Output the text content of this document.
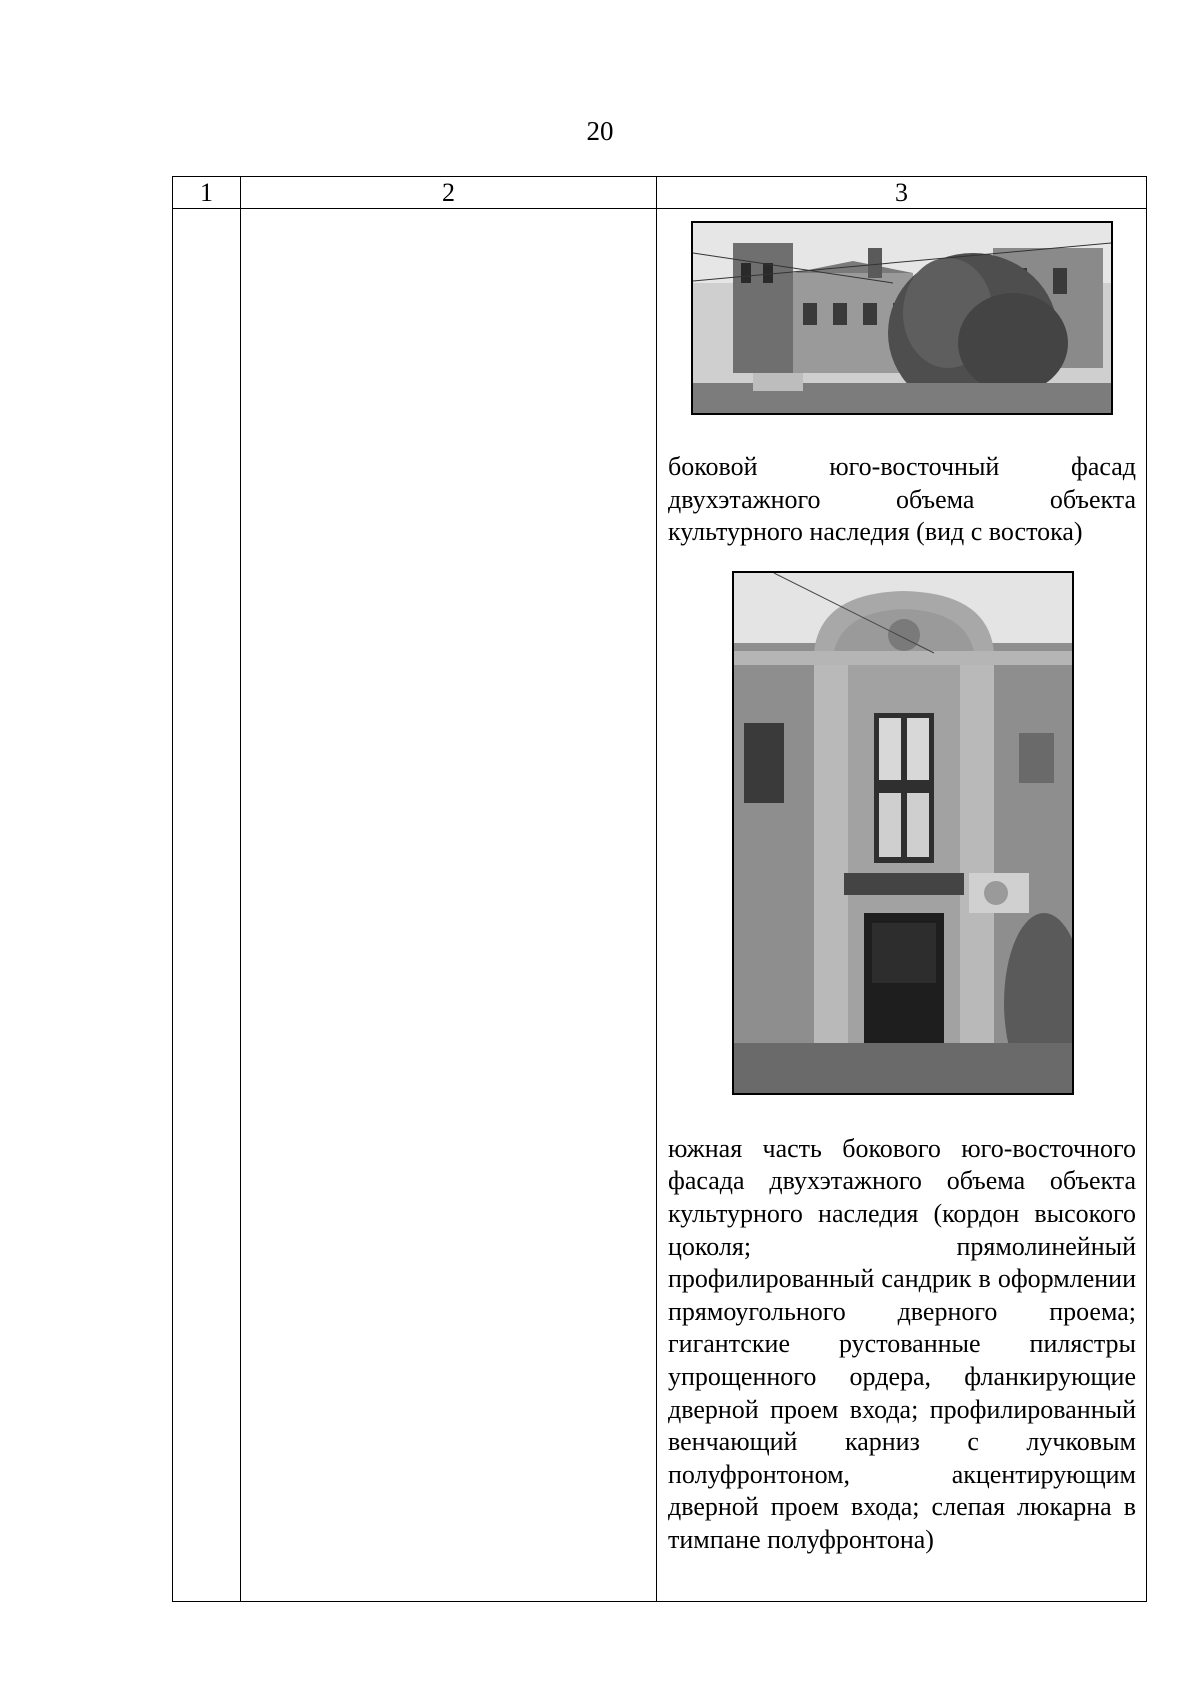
20
1	2	3

		боковой юго-восточный фасад двухэтажного объема объекта культурного наследия (вид с востока)

южная часть бокового юго-восточного фасада двухэтажного объема объекта культурного наследия (кордон высокого цоколя; прямолинейный профилированный сандрик в оформлении прямоугольного дверного проема; гигантские рустованные пилястры упрощенного ордера, фланкирующие дверной проем входа; профилированный венчающий карниз с лучковым полуфронтоном, акцентирующим дверной проем входа; слепая люкарна в тимпане полуфронтона)
